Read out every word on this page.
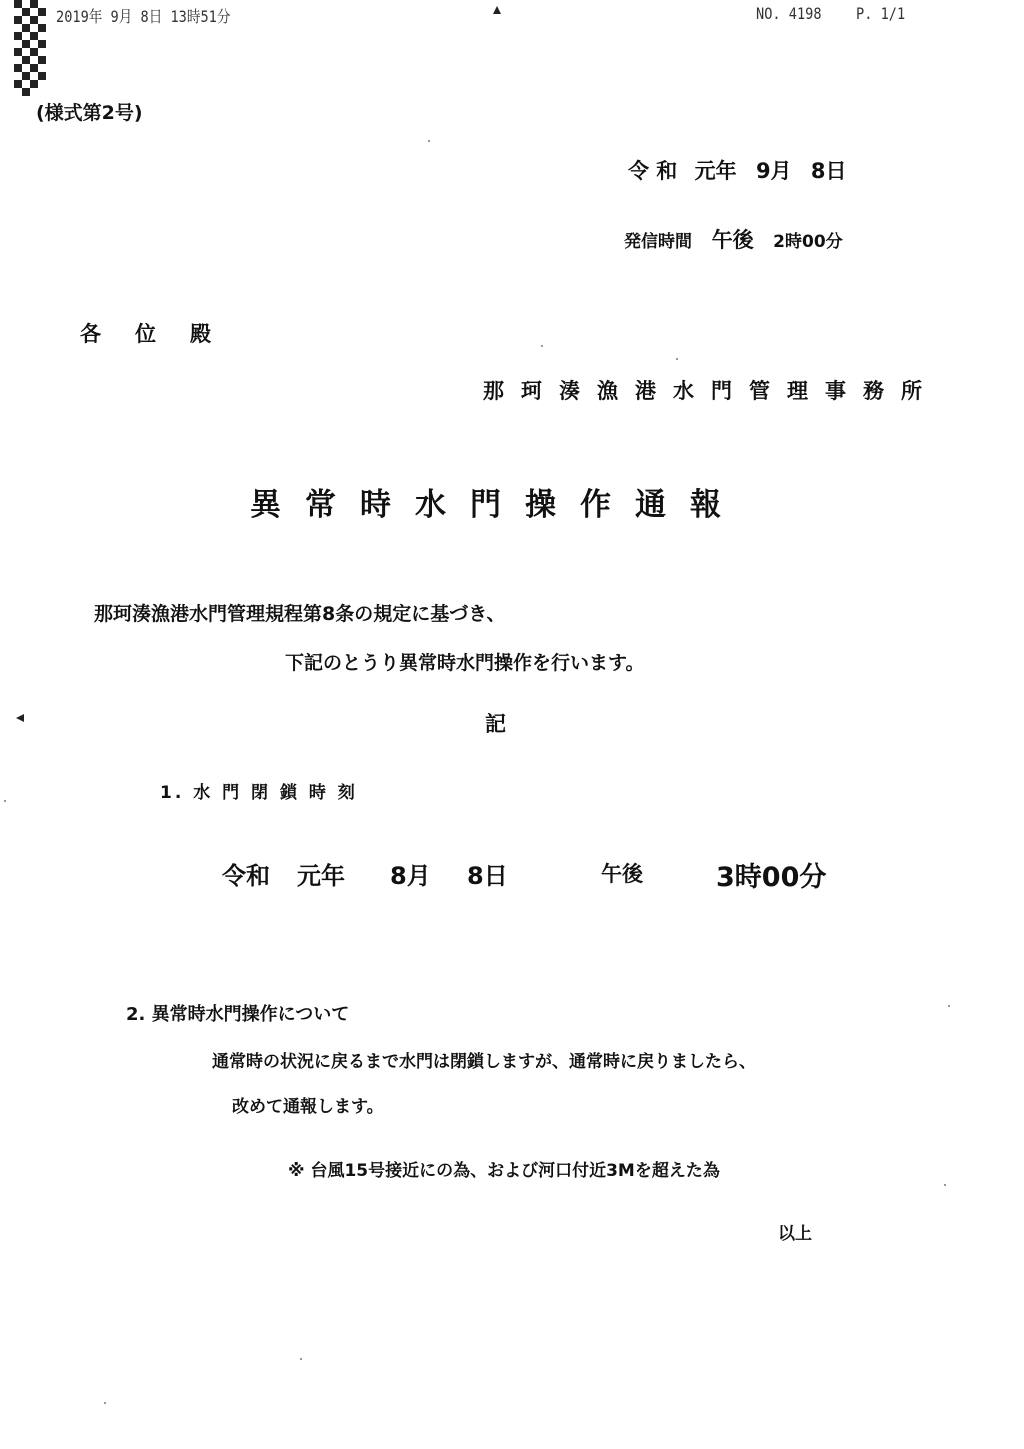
2019年 9月 8日 13時51分	NO. 4198 P. 1/1
(様式第2号)
令 和 元年 9月 8日
発信時間 午後 2時00分
各位殿
那珂湊漁港水門管理事務所
異常時水門操作通報
那珂湊漁港水門管理規程第8条の規定に基づき、
下記のとうり異常時水門操作を行います。
記
1. 水 門 閉 鎖 時 刻
令和 元年 8月 8日	午後	3時00分
2. 異常時水門操作について
通常時の状況に戻るまで水門は閉鎖しますが、通常時に戻りましたら、
改めて通報します。
※ 台風15号接近にの為、および河口付近3Mを超えた為
以上
